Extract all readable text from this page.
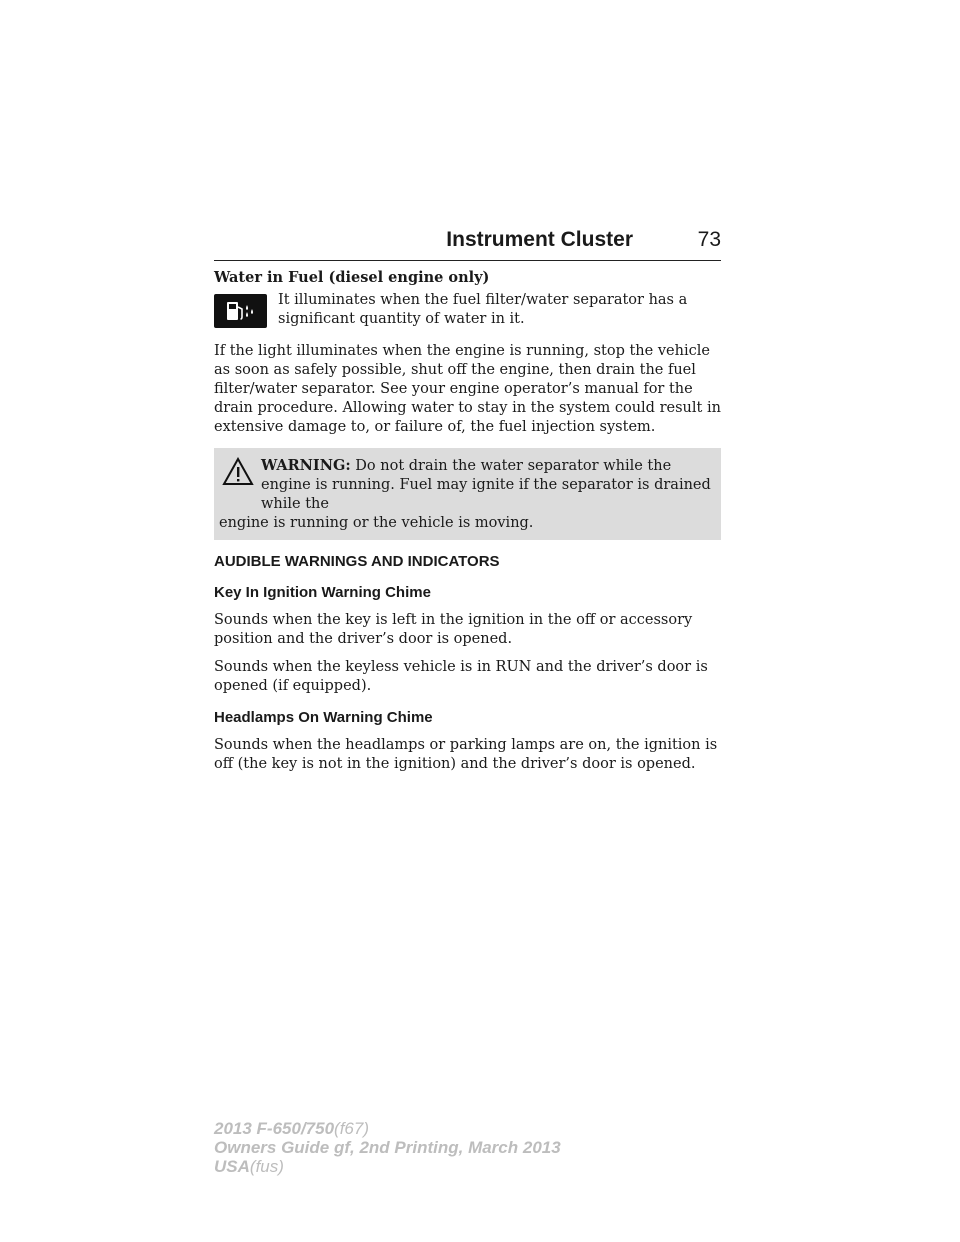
Instrument Cluster	73

Water in Fuel (diesel engine only)

It illuminates when the fuel filter/water separator has a significant quantity of water in it.

If the light illuminates when the engine is running, stop the vehicle as soon as safely possible, shut off the engine, then drain the fuel filter/water separator. See your engine operator’s manual for the drain procedure. Allowing water to stay in the system could result in extensive damage to, or failure of, the fuel injection system.

WARNING: Do not drain the water separator while the engine is running. Fuel may ignite if the separator is drained while the
engine is running or the vehicle is moving.

AUDIBLE WARNINGS AND INDICATORS

Key In Ignition Warning Chime

Sounds when the key is left in the ignition in the off or accessory position and the driver’s door is opened.

Sounds when the keyless vehicle is in RUN and the driver’s door is opened (if equipped).

Headlamps On Warning Chime

Sounds when the headlamps or parking lamps are on, the ignition is off (the key is not in the ignition) and the driver’s door is opened.

2013 F-650/750(f67)
Owners Guide gf, 2nd Printing, March 2013
USA(fus)
